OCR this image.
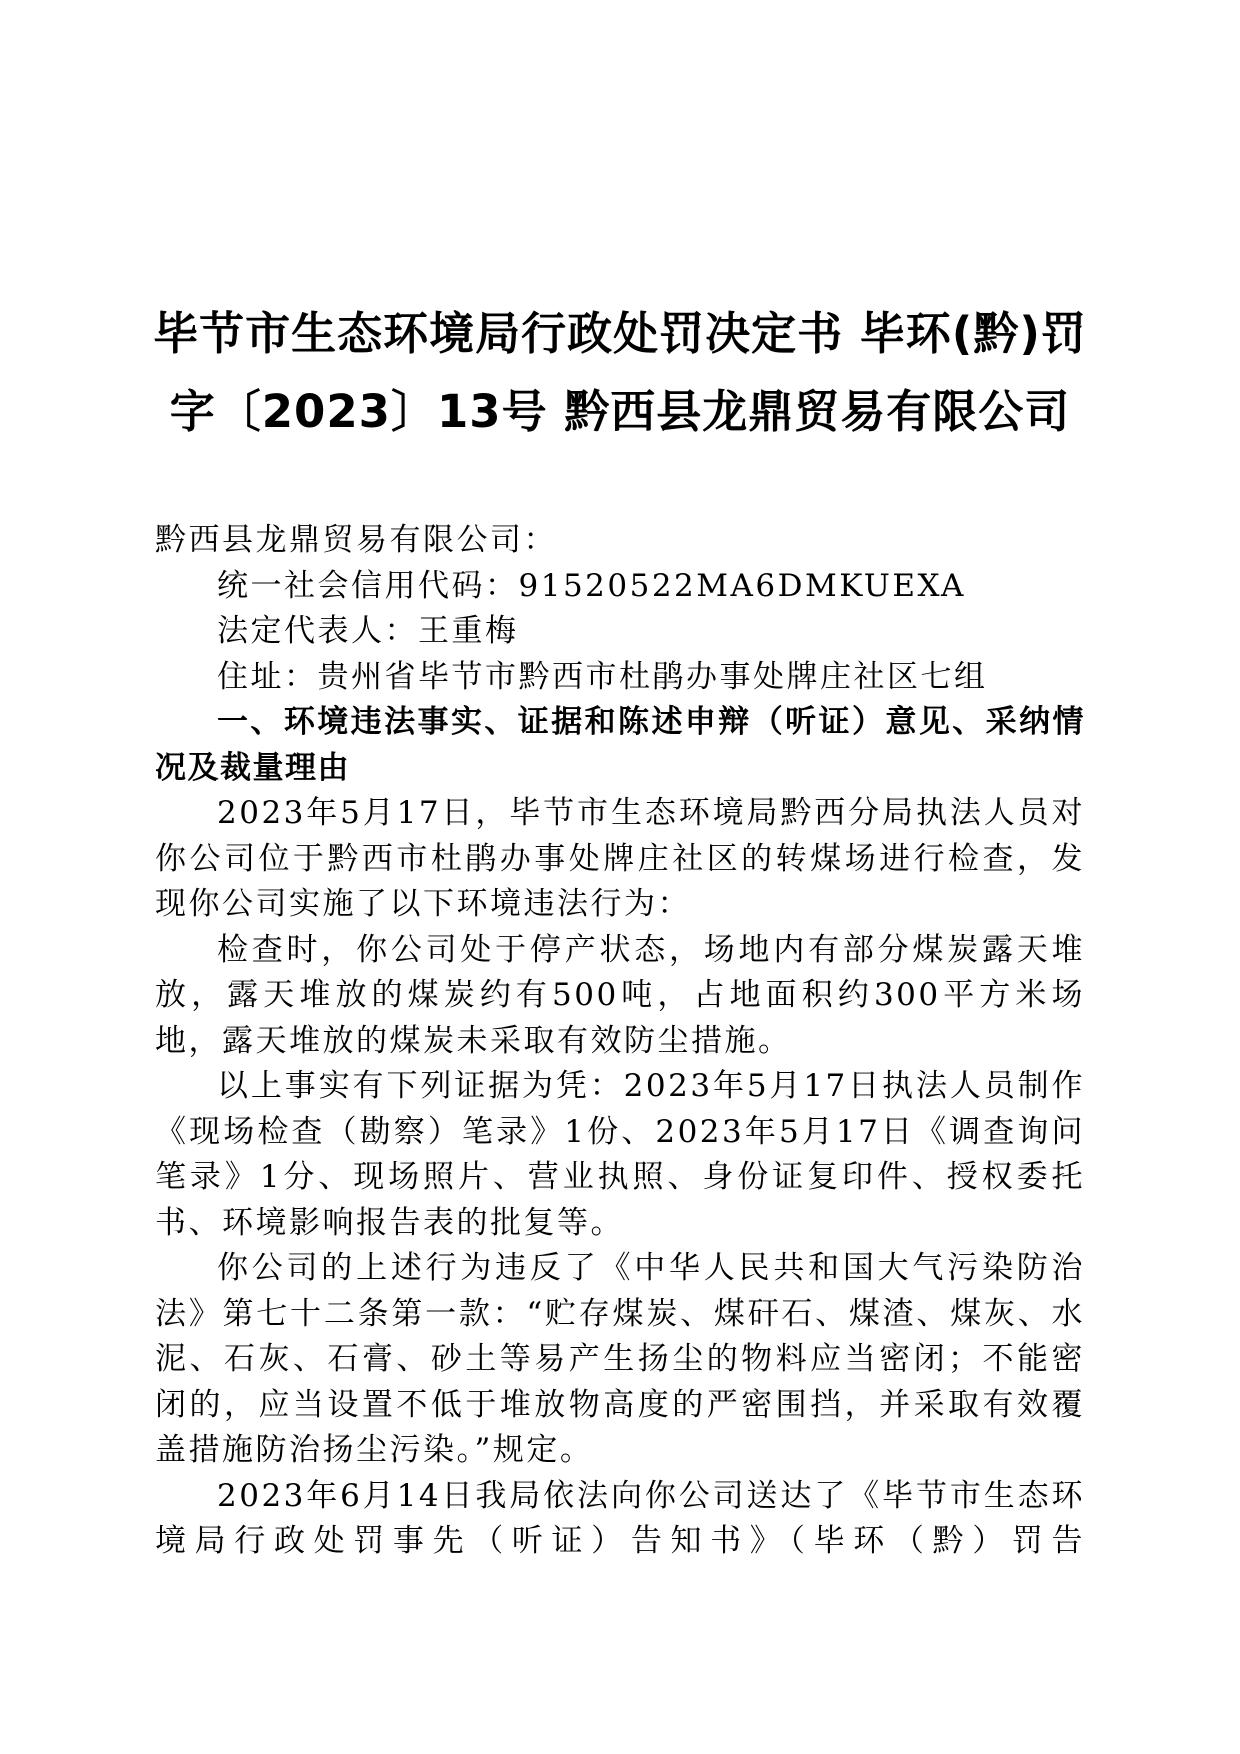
毕节市生态环境局行政处罚决定书 毕环(黔)罚字〔2023〕13号 黔西县龙鼎贸易有限公司

黔西县龙鼎贸易有限公司：

统一社会信用代码：91520522MA6DMKUEXA

法定代表人：王重梅

住址：贵州省毕节市黔西市杜鹃办事处牌庄社区七组

一、环境违法事实、证据和陈述申辩（听证）意见、采纳情况及裁量理由

2023年5月17日，毕节市生态环境局黔西分局执法人员对你公司位于黔西市杜鹃办事处牌庄社区的转煤场进行检查，发现你公司实施了以下环境违法行为：

检查时，你公司处于停产状态，场地内有部分煤炭露天堆放，露天堆放的煤炭约有500吨，占地面积约300平方米场地，露天堆放的煤炭未采取有效防尘措施。

以上事实有下列证据为凭：2023年5月17日执法人员制作《现场检查（勘察）笔录》1份、2023年5月17日《调查询问笔录》1分、现场照片、营业执照、身份证复印件、授权委托书、环境影响报告表的批复等。

你公司的上述行为违反了《中华人民共和国大气污染防治法》第七十二条第一款：“贮存煤炭、煤矸石、煤渣、煤灰、水泥、石灰、石膏、砂土等易产生扬尘的物料应当密闭；不能密闭的，应当设置不低于堆放物高度的严密围挡，并采取有效覆盖措施防治扬尘污染。”规定。

2023年6月14日我局依法向你公司送达了《毕节市生态环境局行政处罚事先（听证）告知书》（毕环（黔）罚告
